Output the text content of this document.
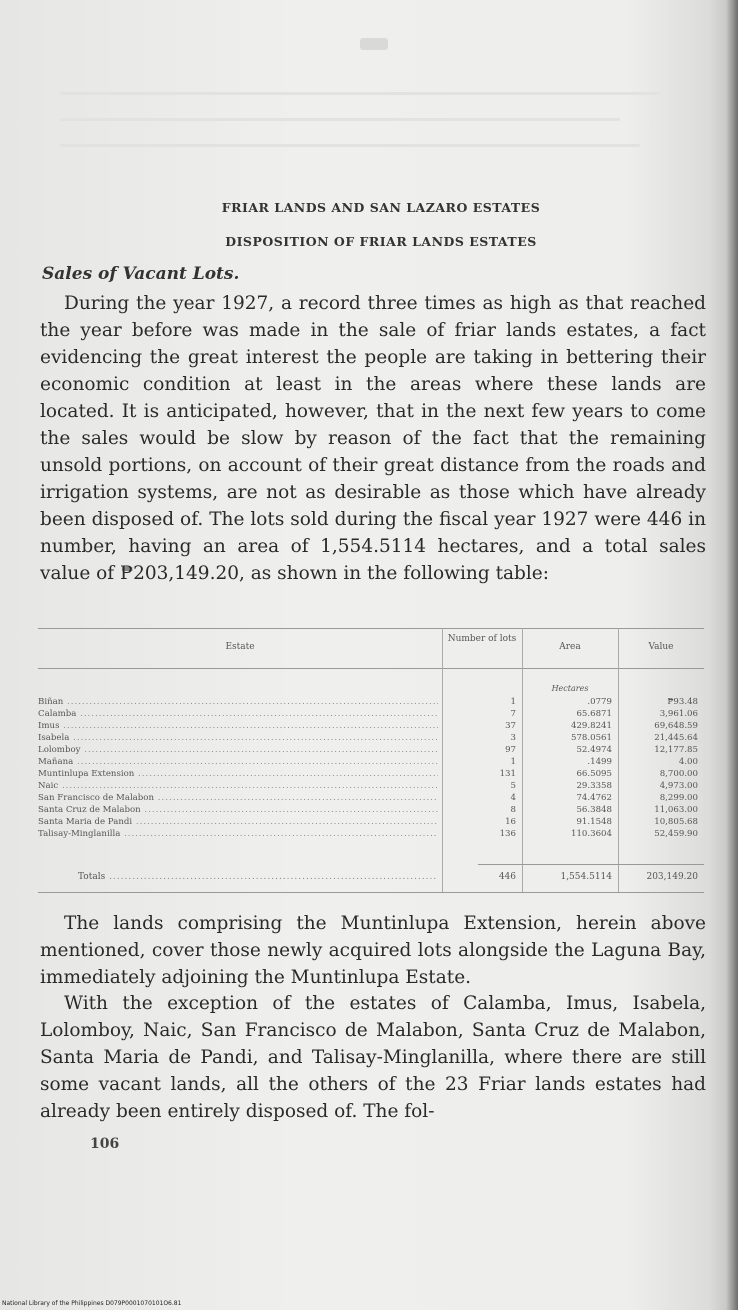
FRIAR LANDS AND SAN LAZARO ESTATES
DISPOSITION OF FRIAR LANDS ESTATES
Sales of Vacant Lots.
During the year 1927, a record three times as high as that reached the year before was made in the sale of friar lands estates, a fact evidencing the great interest the people are taking in bettering their economic condition at least in the areas where these lands are located. It is anticipated, however, that in the next few years to come the sales would be slow by reason of the fact that the remaining unsold portions, on account of their great distance from the roads and irrigation systems, are not as desirable as those which have already been disposed of. The lots sold during the fiscal year 1927 were 446 in number, having an area of 1,554.5114 hectares, and a total sales value of ₱203,149.20, as shown in the following table:
Estate
Number of lots
Area	Value
Hectares
Biñan .....	1	.0779	₱93.48
Calamba .....	7	65.6871	3,961.06
Imus .....	37	429.8241	69,648.59
Isabela .....	3	578.0561	21,445.64
Lolomboy .....	97	52.4974	12,177.85
Mañana .....	1	.1499	4.00
Muntinlupa Extension .....	131	66.5095	8,700.00
Naic .....	5	29.3358	4,973.00
San Francisco de Malabon .....	4	74.4762	8,299.00
Santa Cruz de Malabon .....	8	56.3848	11,063.00
Santa Maria de Pandi .....	16	91.1548	10,805.68
Talisay-Minglanilla .....	136	110.3604	52,459.90
Totals .....	446	1,554.5114	203,149.20
The lands comprising the Muntinlupa Extension, herein above mentioned, cover those newly acquired lots alongside the Laguna Bay, immediately adjoining the Muntinlupa Estate.
With the exception of the estates of Calamba, Imus, Isabela, Lolomboy, Naic, San Francisco de Malabon, Santa Cruz de Malabon, Santa Maria de Pandi, and Talisay-Minglanilla, where there are still some vacant lands, all the others of the 23 Friar lands estates had already been entirely disposed of. The fol-
106
National Library of the Philippines D079P0001070101O6.81
